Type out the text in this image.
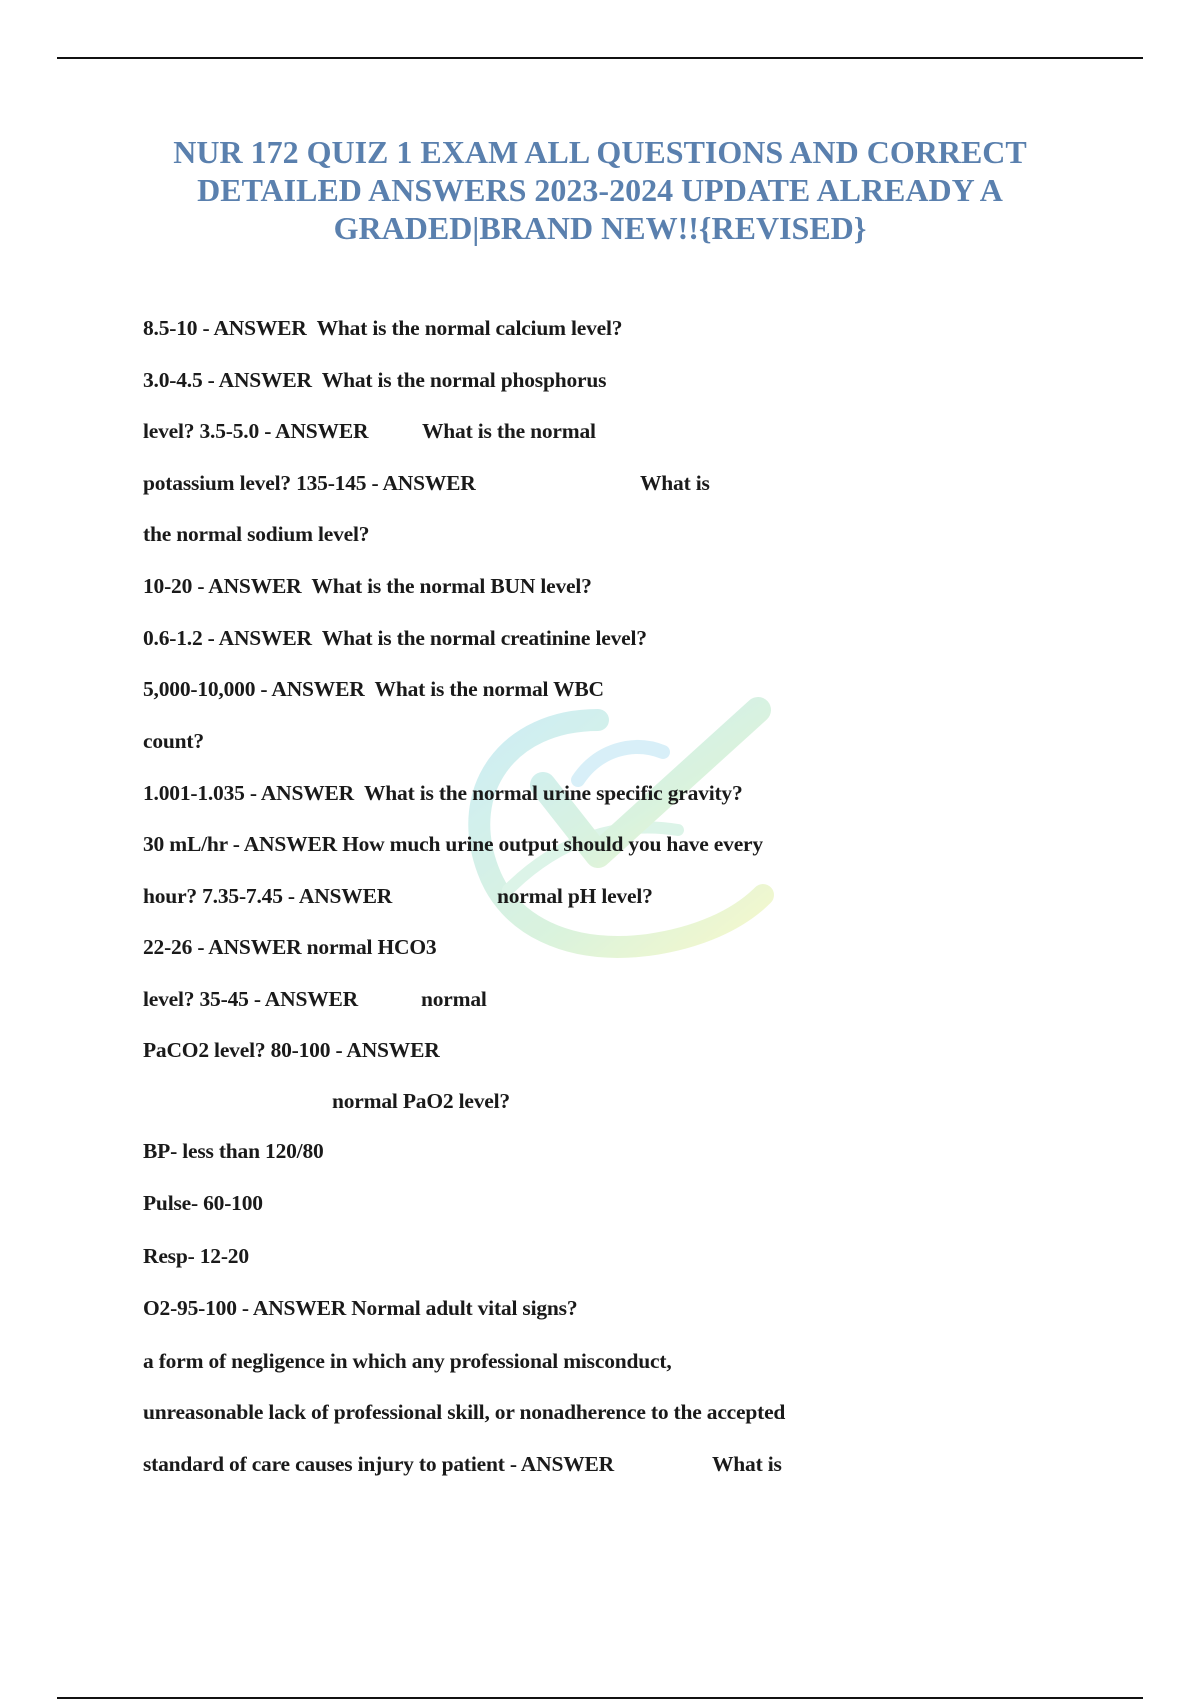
NUR 172 QUIZ 1 EXAM ALL QUESTIONS AND CORRECT
DETAILED ANSWERS 2023-2024 UPDATE ALREADY A
GRADED|BRAND NEW!!{REVISED}
8.5-10 - ANSWER  What is the normal calcium level?
3.0-4.5 - ANSWER  What is the normal phosphorus
level? 3.5-5.0 - ANSWER What is the normal
potassium level? 135-145 - ANSWER	What is
the normal sodium level?
10-20 - ANSWER  What is the normal BUN level?
0.6-1.2 - ANSWER  What is the normal creatinine level?
5,000-10,000 - ANSWER  What is the normal WBC
count?
1.001-1.035 - ANSWER  What is the normal urine specific gravity?
30 mL/hr - ANSWER How much urine output should you have every
hour? 7.35-7.45 - ANSWER	normal pH level?
22-26 - ANSWER normal HCO3
level? 35-45 - ANSWER	normal
PaCO2 level? 80-100 - ANSWER
normal PaO2 level?
BP- less than 120/80
Pulse- 60-100
Resp- 12-20
O2-95-100 - ANSWER Normal adult vital signs?
a form of negligence in which any professional misconduct,
unreasonable lack of professional skill, or nonadherence to the accepted
standard of care causes injury to patient - ANSWER	What is
